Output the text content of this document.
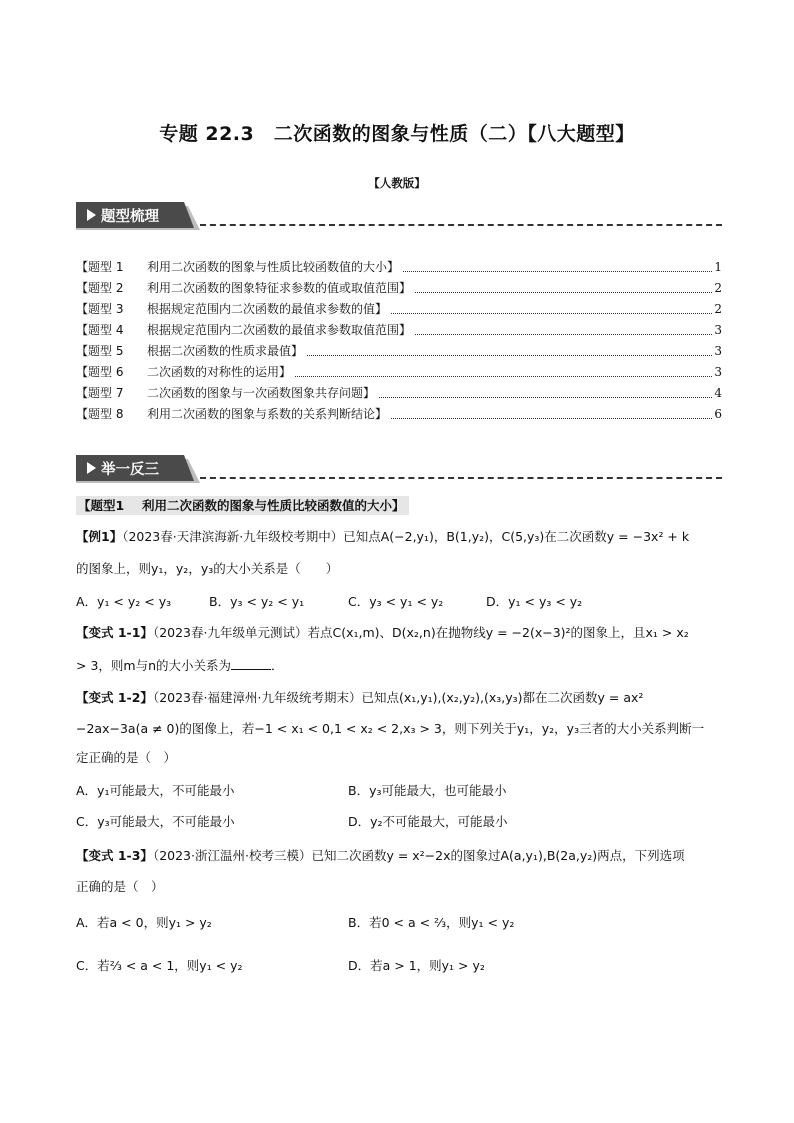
专题 22.3　二次函数的图象与性质（二）【八大题型】
【人教版】
题型梳理
【题型 1 利用二次函数的图象与性质比较函数值的大小】	1
【题型 2 利用二次函数的图象特征求参数的值或取值范围】	2
【题型 3 根据规定范围内二次函数的最值求参数的值】	2
【题型 4 根据规定范围内二次函数的最值求参数取值范围】	3
【题型 5 根据二次函数的性质求最值】	3
【题型 6 二次函数的对称性的运用】	3
【题型 7 二次函数的图象与一次函数图象共存问题】	4
【题型 8 利用二次函数的图象与系数的关系判断结论】	6
举一反三
【题型1 利用二次函数的图象与性质比较函数值的大小】
【例1】（2023春·天津滨海新·九年级校考期中）已知点A(−2,y₁)，B(1,y₂)，C(5,y₃)在二次函数y = −3x² + k
的图象上，则y₁，y₂，y₃的大小关系是（　　）
A．y₁ < y₂ < y₃	B．y₃ < y₂ < y₁	C．y₃ < y₁ < y₂	D．y₁ < y₃ < y₂
【变式 1-1】（2023春·九年级单元测试）若点C(x₁,m)、D(x₂,n)在抛物线y = −2(x−3)²的图象上，且x₁ > x₂
> 3，则m与n的大小关系为	．
【变式 1-2】（2023春·福建漳州·九年级统考期末）已知点(x₁,y₁),(x₂,y₂),(x₃,y₃)都在二次函数y = ax²
−2ax−3a(a ≠ 0)的图像上，若−1 < x₁ < 0,1 < x₂ < 2,x₃ > 3，则下列关于y₁，y₂，y₃三者的大小关系判断一
定正确的是（　）
A．y₁可能最大，不可能最小	B．y₃可能最大，也可能最小
C．y₃可能最大，不可能最小	D．y₂不可能最大，可能最小
【变式 1-3】（2023·浙江温州·校考三模）已知二次函数y = x²−2x的图象过A(a,y₁),B(2a,y₂)两点，下列选项
正确的是（　）
A．若a < 0，则y₁ > y₂	B．若0 < a < ⅔，则y₁ < y₂
C．若⅔ < a < 1，则y₁ < y₂	D．若a > 1，则y₁ > y₂
